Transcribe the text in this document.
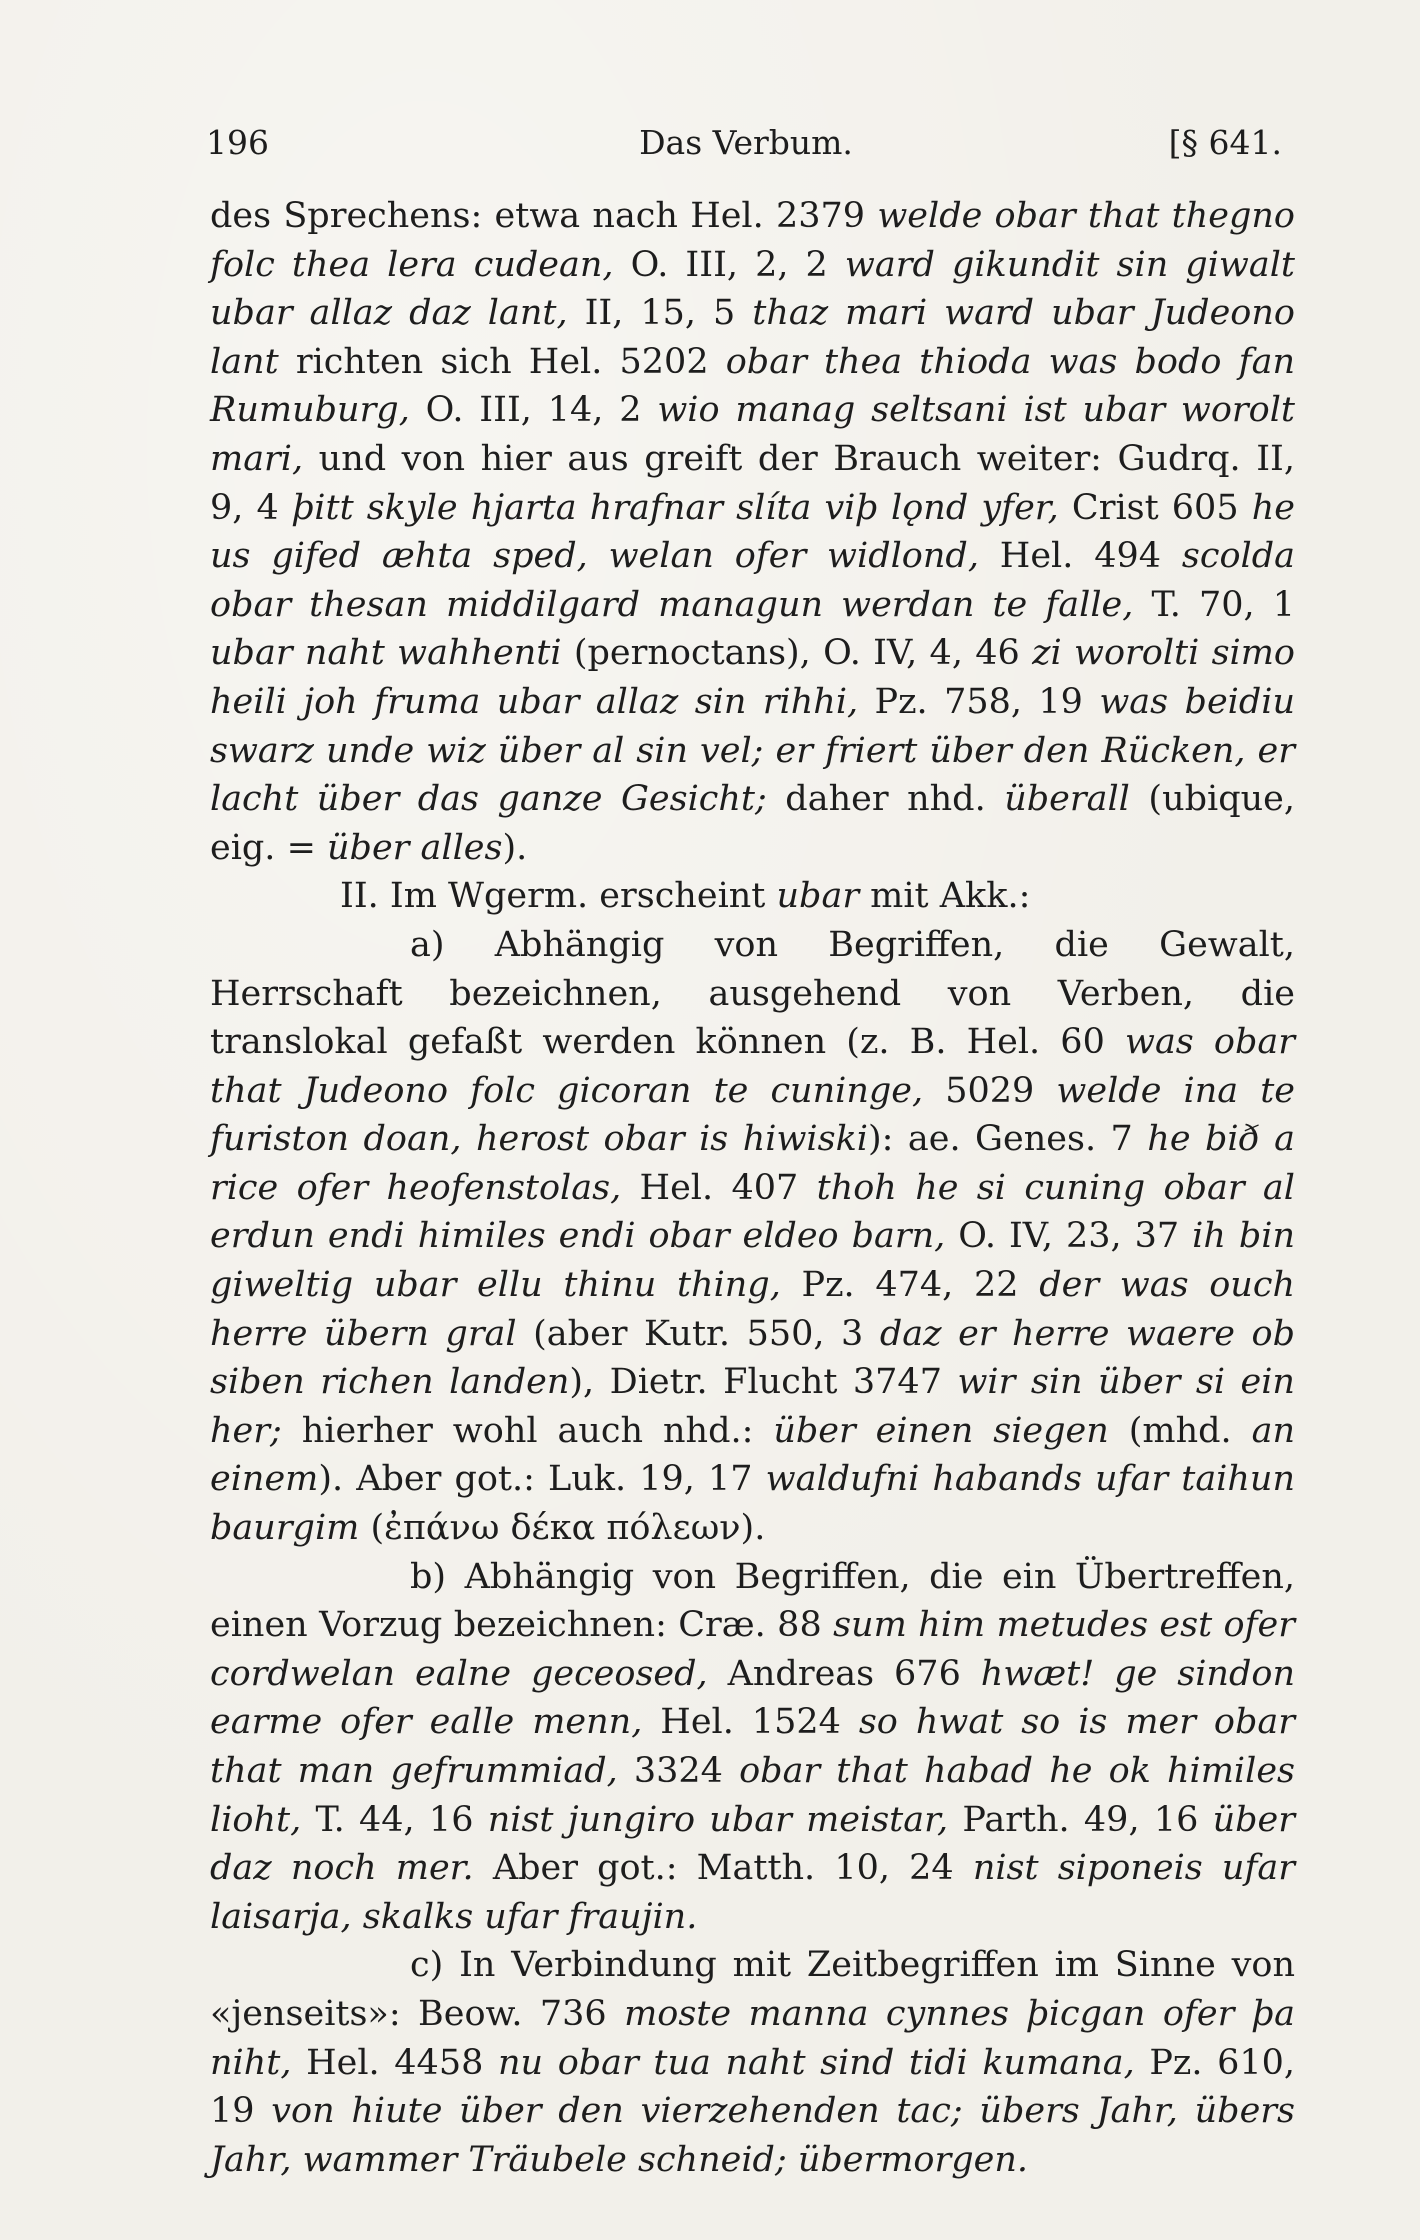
196	Das Verbum.	[§ 641.

des Sprechens: etwa nach Hel. 2379 welde obar that thegno folc thea lera cudean, O. III, 2, 2 ward gikundit sin giwalt ubar allaz daz lant, II, 15, 5 thaz mari ward ubar Judeono lant richten sich Hel. 5202 obar thea thioda was bodo fan Rumuburg, O. III, 14, 2 wio manag seltsani ist ubar worolt mari, und von hier aus greift der Brauch weiter: Gudrq. II, 9, 4 þitt skyle hjarta hrafnar slíta viþ lǫnd yfer, Crist 605 he us gifed æhta sped, welan ofer widlond, Hel. 494 scolda obar thesan middilgard managun werdan te falle, T. 70, 1 ubar naht wahhenti (pernoctans), O. IV, 4, 46 zi worolti simo heili joh fruma ubar allaz sin rihhi, Pz. 758, 19 was beidiu swarz unde wiz über al sin vel; er friert über den Rücken, er lacht über das ganze Gesicht; daher nhd. überall (ubique, eig. = über alles).

II. Im Wgerm. erscheint ubar mit Akk.:

a) Abhängig von Begriffen, die Gewalt, Herrschaft bezeichnen, ausgehend von Verben, die translokal gefaßt werden können (z. B. Hel. 60 was obar that Judeono folc gicoran te cuninge, 5029 welde ina te furiston doan, herost obar is hiwiski): ae. Genes. 7 he bið a rice ofer heofenstolas, Hel. 407 thoh he si cuning obar al erdun endi himiles endi obar eldeo barn, O. IV, 23, 37 ih bin giweltig ubar ellu thinu thing, Pz. 474, 22 der was ouch herre übern gral (aber Kutr. 550, 3 daz er herre waere ob siben richen landen), Dietr. Flucht 3747 wir sin über si ein her; hierher wohl auch nhd.: über einen siegen (mhd. an einem). Aber got.: Luk. 19, 17 waldufni habands ufar taihun baurgim (ἐπάνω δέκα πόλεων).

b) Abhängig von Begriffen, die ein Übertreffen, einen Vorzug bezeichnen: Cræ. 88 sum him metudes est ofer cordwelan ealne geceosed, Andreas 676 hwæt! ge sindon earme ofer ealle menn, Hel. 1524 so hwat so is mer obar that man gefrummiad, 3324 obar that habad he ok himiles lioht, T. 44, 16 nist jungiro ubar meistar, Parth. 49, 16 über daz noch mer. Aber got.: Matth. 10, 24 nist siponeis ufar laisarja, skalks ufar fraujin.

c) In Verbindung mit Zeitbegriffen im Sinne von «jenseits»: Beow. 736 moste manna cynnes þicgan ofer þa niht, Hel. 4458 nu obar tua naht sind tidi kumana, Pz. 610, 19 von hiute über den vierzehenden tac; übers Jahr, übers Jahr, wammer Träubele schneid; übermorgen.
